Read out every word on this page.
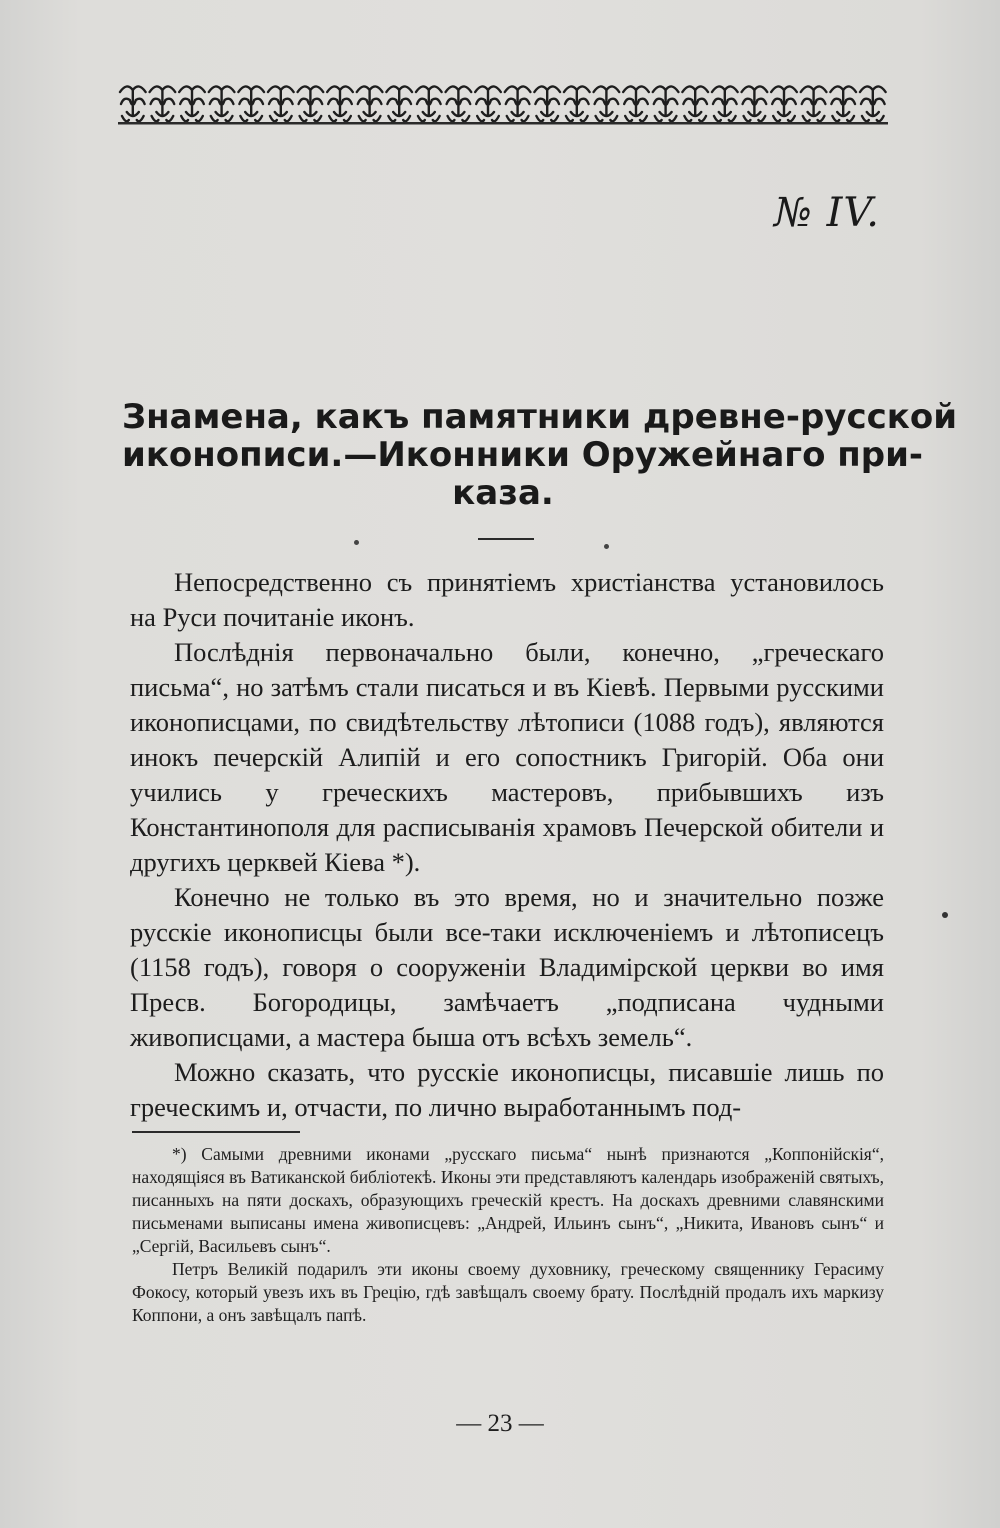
№ IV.
Знамена, какъ памятники древне-русской
иконописи.—Иконники Оружейнаго при-
каза.

Непосредственно съ принятіемъ христіанства установилось на Руси почитаніе иконъ.

Послѣднія первоначально были, конечно, „греческаго письма“, но затѣмъ стали писаться и въ Кіевѣ. Первыми русскими иконописцами, по свидѣтельству лѣтописи (1088 годъ), являются инокъ печерскій Алипій и его сопостникъ Григорій. Оба они учились у греческихъ мастеровъ, прибывшихъ изъ Константинополя для расписыванія храмовъ Печерской обители и другихъ церквей Кіева *).

Конечно не только въ это время, но и значительно позже русскіе иконописцы были все-таки исключеніемъ и лѣтописецъ (1158 годъ), говоря о сооруженіи Владимірской церкви во имя Пресв. Богородицы, замѣчаетъ „подписана чудными живописцами, а мастера быша отъ всѣхъ земель“.

Можно сказать, что русскіе иконописцы, писавшіе лишь по греческимъ и, отчасти, по лично выработаннымъ под-

*) Самыми древними иконами „русскаго письма“ нынѣ признаются „Коппонійскія“, находящіяся въ Ватиканской библіотекѣ. Иконы эти представляютъ календарь изображеній святыхъ, писанныхъ на пяти доскахъ, образующихъ греческій крестъ. На доскахъ древними славянскими письменами выписаны имена живописцевъ: „Андрей, Ильинъ сынъ“, „Никита, Ивановъ сынъ“ и „Сергій, Васильевъ сынъ“.

Петръ Великій подарилъ эти иконы своему духовнику, греческому священнику Герасиму Фокосу, который увезъ ихъ въ Грецію, гдѣ завѣщалъ своему брату. Послѣдній продалъ ихъ маркизу Коппони, а онъ завѣщалъ папѣ.

— 23 —
